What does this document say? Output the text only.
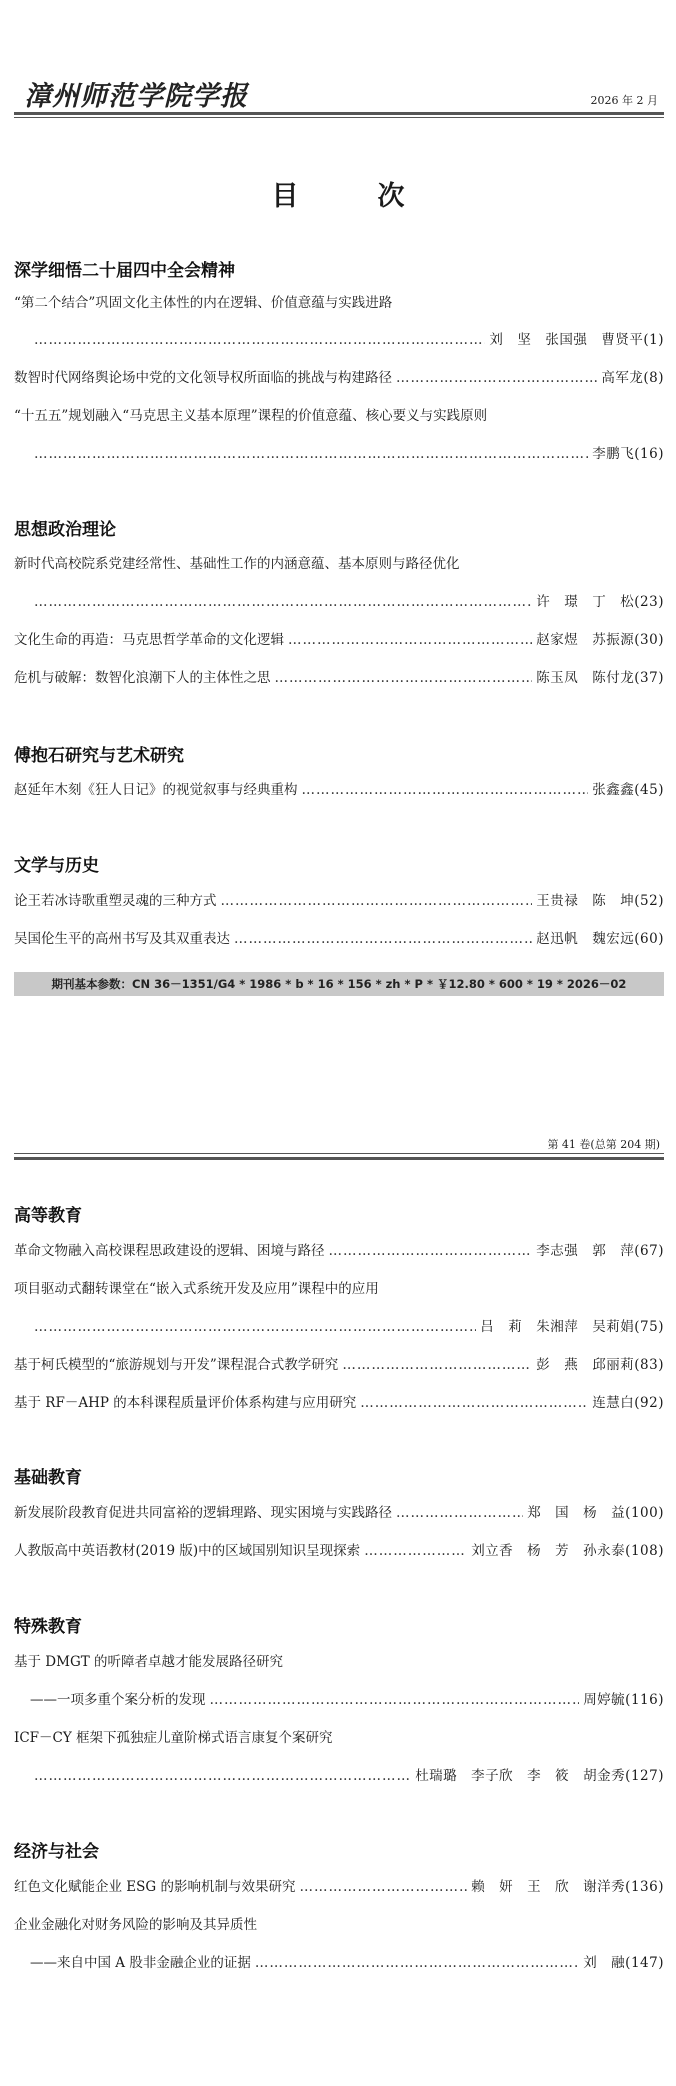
漳州师范学院学报	2026 年 2 月
目　次
深学细悟二十届四中全会精神
“第二个结合”巩固文化主体性的内在逻辑、价值意蕴与实践进路
…………………………………………………………………………………………………………………………………………………………………………
刘　坚　张国强　曹贤平(1)
数智时代网络舆论场中党的文化领导权所面临的挑战与构建路径 …………………………………………………………………………………………………………………………………………………………………………	高军龙(8)
“十五五”规划融入“马克思主义基本原理”课程的价值意蕴、核心要义与实践原则
…………………………………………………………………………………………………………………………………………………………………………
李鹏飞(16)
思想政治理论
新时代高校院系党建经常性、基础性工作的内涵意蕴、基本原则与路径优化
…………………………………………………………………………………………………………………………………………………………………………
许　璟　丁　松(23)
文化生命的再造：马克思哲学革命的文化逻辑 …………………………………………………………………………………………………………………………………………………………………………	赵家煜　苏振源(30)
危机与破解：数智化浪潮下人的主体性之思 …………………………………………………………………………………………………………………………………………………………………………	陈玉凤　陈付龙(37)
傅抱石研究与艺术研究
赵延年木刻《狂人日记》的视觉叙事与经典重构 …………………………………………………………………………………………………………………………………………………………………………	张鑫鑫(45)
文学与历史
论王若冰诗歌重塑灵魂的三种方式 …………………………………………………………………………………………………………………………………………………………………………	王贵禄　陈　坤(52)
吴国伦生平的高州书写及其双重表达 …………………………………………………………………………………………………………………………………………………………………………	赵迅帆　魏宏远(60)
期刊基本参数：CN 36－1351/G4 * 1986 * b * 16 * 156 * zh * P * ￥12.80 * 600 * 19 * 2026－02
第 41 卷(总第 204 期)
高等教育
革命文物融入高校课程思政建设的逻辑、困境与路径 …………………………………………………………………………………………………………………………………………………………………………	李志强　郭　萍(67)
项目驱动式翻转课堂在“嵌入式系统开发及应用”课程中的应用
…………………………………………………………………………………………………………………………………………………………………………
吕　莉　朱湘萍　吴莉娟(75)
基于柯氏模型的“旅游规划与开发”课程混合式教学研究 …………………………………………………………………………………………………………………………………………………………………………	彭　燕　邱丽莉(83)
基于 RF－AHP 的本科课程质量评价体系构建与应用研究 …………………………………………………………………………………………………………………………………………………………………………	连慧白(92)
基础教育
新发展阶段教育促进共同富裕的逻辑理路、现实困境与实践路径 …………………………………………………………………………………………………………………………………………………………………………	郑　国　杨　益(100)
人教版高中英语教材(2019 版)中的区域国别知识呈现探索 …………………………………………………………………………………………………………………………………………………………………………	刘立香　杨　芳　孙永泰(108)
特殊教育
基于 DMGT 的听障者卓越才能发展路径研究
——一项多重个案分析的发现 …………………………………………………………………………………………………………………………………………………………………………	周婷毓(116)
ICF－CY 框架下孤独症儿童阶梯式语言康复个案研究
…………………………………………………………………………………………………………………………………………………………………………
杜瑞璐　李子欣　李　筱　胡金秀(127)
经济与社会
红色文化赋能企业 ESG 的影响机制与效果研究 …………………………………………………………………………………………………………………………………………………………………………	赖　妍　王　欣　谢洋秀(136)
企业金融化对财务风险的影响及其异质性
——来自中国 A 股非金融企业的证据 …………………………………………………………………………………………………………………………………………………………………………	刘　融(147)
